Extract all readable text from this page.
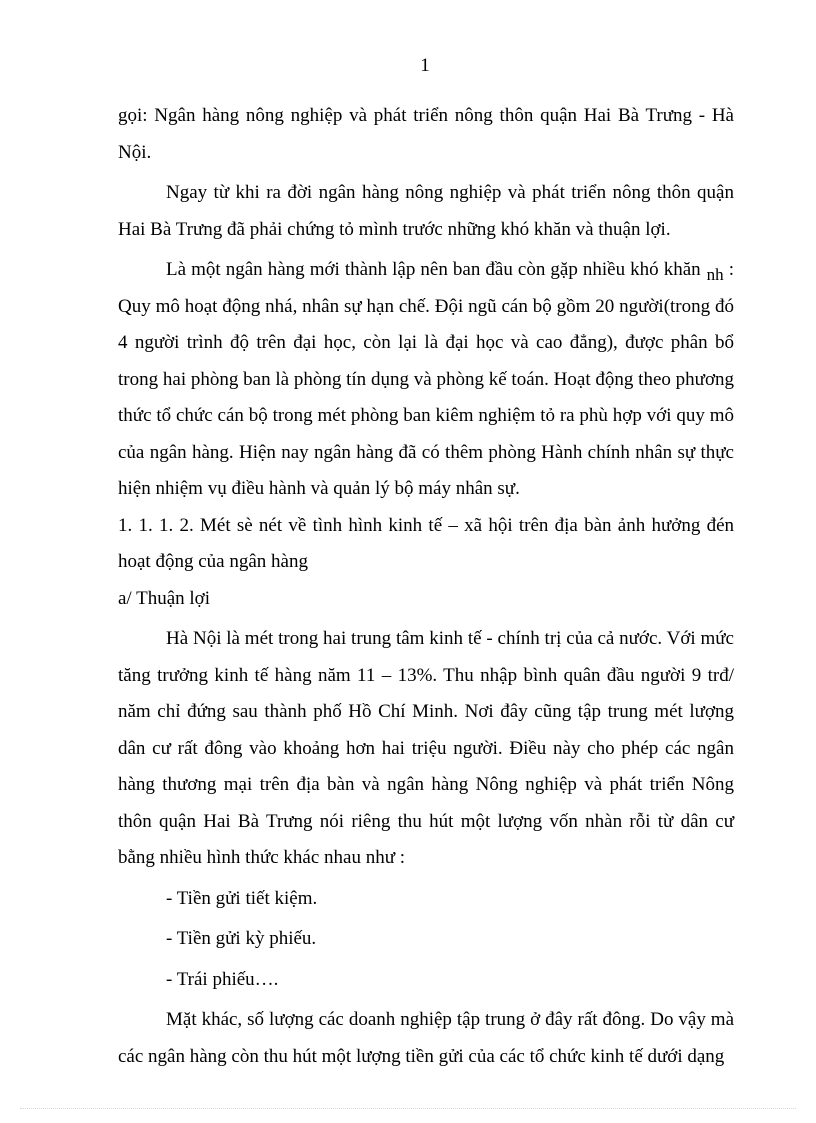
1

gọi: Ngân hàng nông nghiệp và phát triển nông thôn quận Hai Bà Trưng - Hà Nội.

Ngay từ khi ra đời ngân hàng nông nghiệp và phát triển nông thôn quận Hai Bà Trưng đã phải chứng tỏ mình trước những khó khăn và thuận lợi.

Là một ngân hàng mới thành lập nên ban đầu còn gặp nhiều khó khăn nh : Quy mô hoạt động nhá, nhân sự hạn chế. Đội ngũ cán bộ gồm 20 người(trong đó 4 người trình độ trên đại học, còn lại là đại học và cao đẳng), được phân bổ trong hai phòng ban là phòng tín dụng và phòng kế toán. Hoạt động theo phương thức tổ chức cán bộ trong mét phòng ban kiêm nghiệm tỏ ra phù hợp với quy mô của ngân hàng. Hiện nay ngân hàng đã có thêm phòng Hành chính nhân sự thực hiện nhiệm vụ điều hành và quản lý bộ máy nhân sự.

1. 1. 1. 2. Mét sè nét về tình hình kinh tế – xã hội trên địa bàn ảnh hưởng đén hoạt động của ngân hàng

a/ Thuận lợi

Hà Nội là mét trong hai trung tâm kinh tế - chính trị của cả nước. Với mức tăng trưởng kinh tế hàng năm 11 – 13%. Thu nhập bình quân đầu người 9 trđ/ năm chỉ đứng sau thành phố Hồ Chí Minh. Nơi đây cũng tập trung mét lượng dân cư rất đông vào khoảng hơn hai triệu người. Điều này cho phép các ngân hàng thương mại trên địa bàn và ngân hàng Nông nghiệp và phát triển Nông thôn quận Hai Bà Trưng nói riêng thu hút một lượng vốn nhàn rỗi từ dân cư bằng nhiều hình thức khác nhau như :

- Tiền gửi tiết kiệm.

- Tiền gửi kỳ phiếu.

- Trái phiếu….

Mặt khác, số lượng các doanh nghiệp tập trung ở đây rất đông. Do vậy mà các ngân hàng còn thu hút một lượng tiền gửi của các tổ chức kinh tế dưới dạng
